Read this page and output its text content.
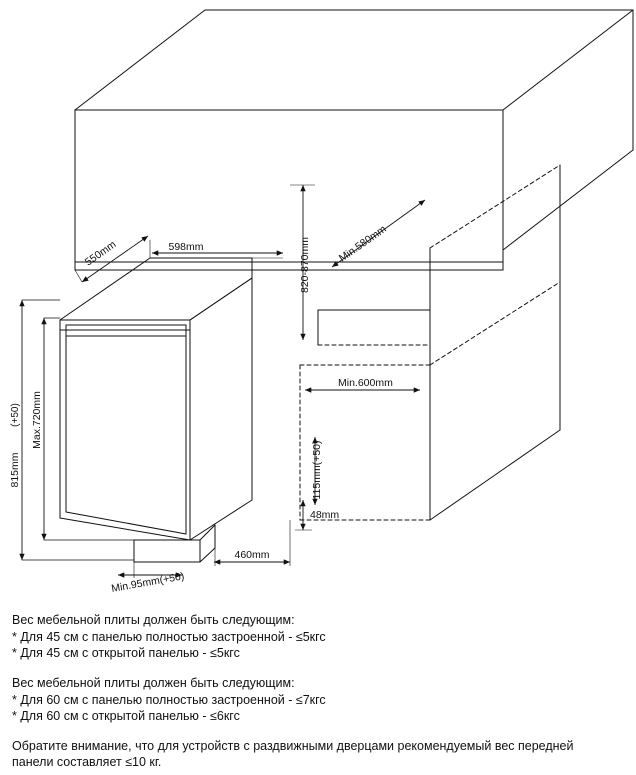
550mm	598mm	820-870mm Min.580mm
Min.600mm
815mm
Max.720mm
(+50)
Min.95mm(+50)
460mm
115mm(+50)
48mm
Вес мебельной плиты должен быть следующим:
* Для 45 см с панелью полностью застроенной - ≤5кгс
* Для 45 см с открытой панелью - ≤5кгс
Вес мебельной плиты должен быть следующим:
* Для 60 см с панелью полностью застроенной - ≤7кгс
* Для 60 см с открытой панелью - ≤6кгс
Обратите внимание, что для устройств с раздвижными дверцами рекомендуемый вес передней
панели составляет ≤10 кг.
